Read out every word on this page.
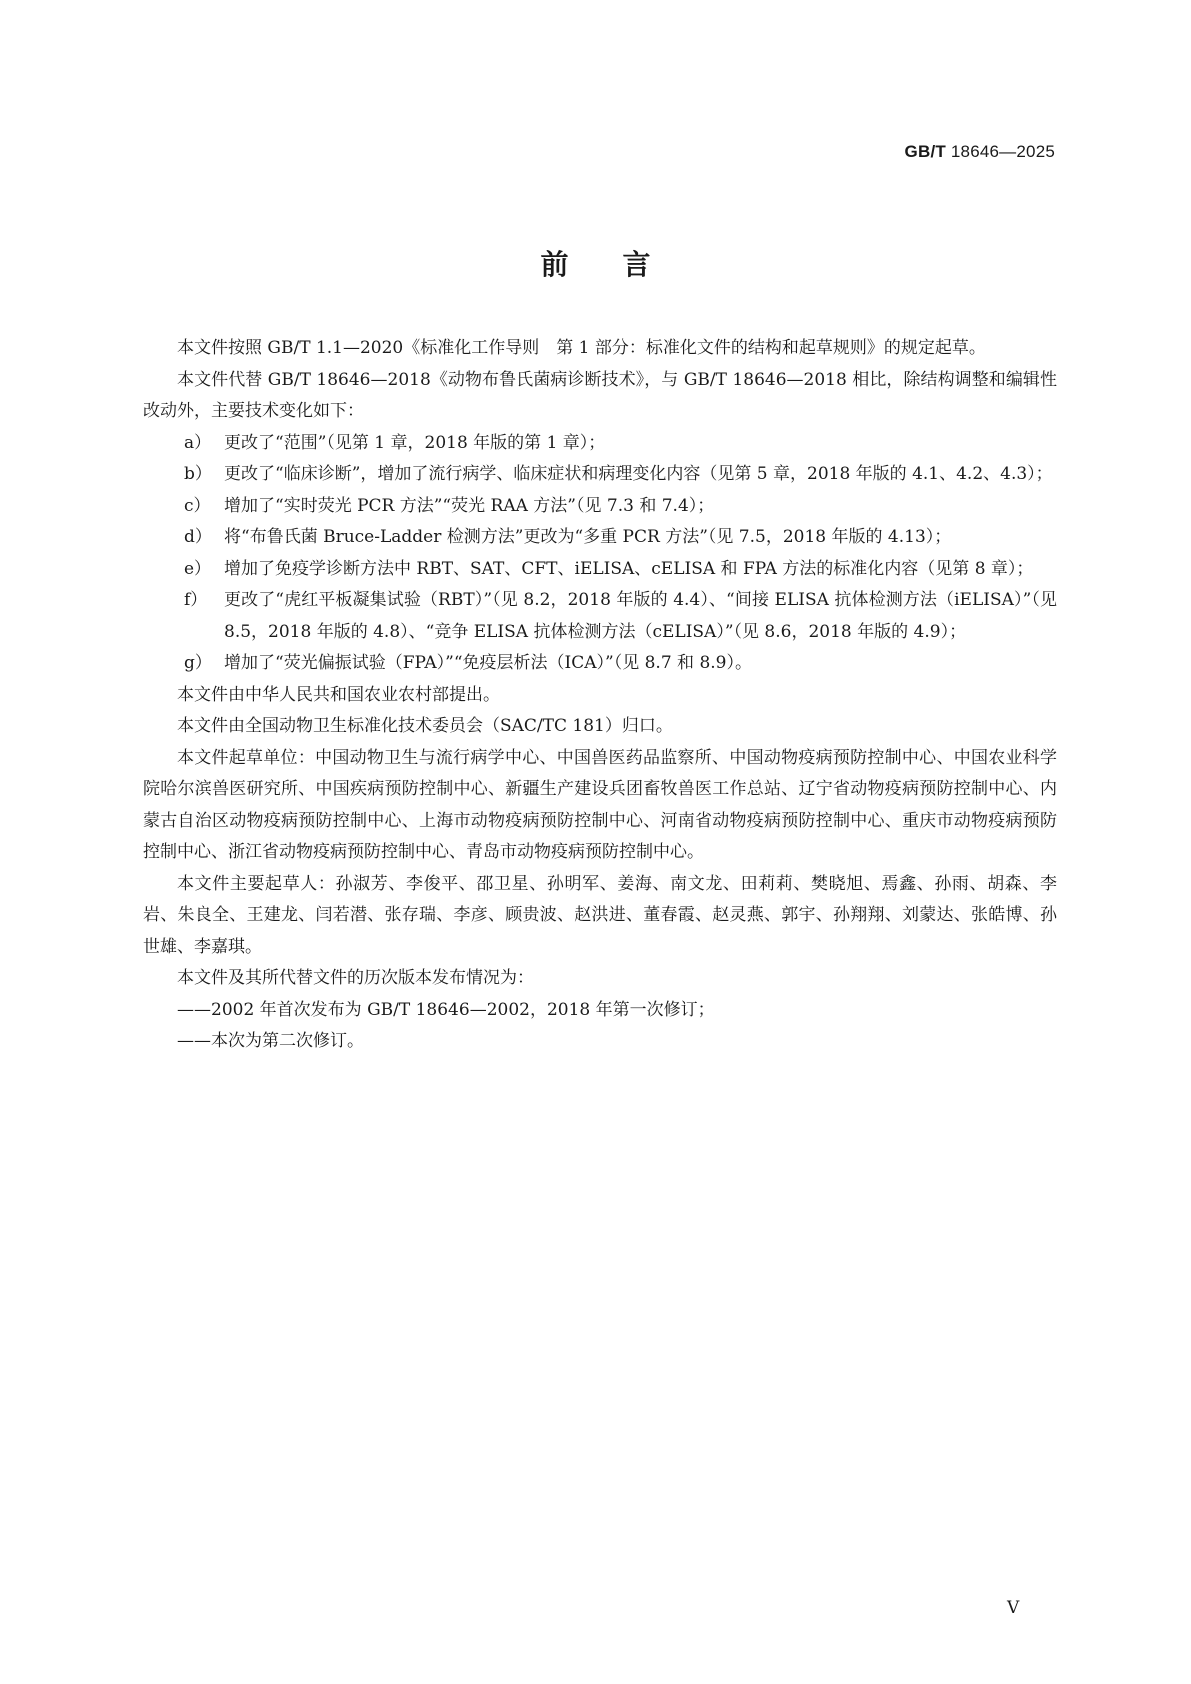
GB/T 18646—2025
前言

本文件按照 GB/T 1.1—2020《标准化工作导则　第 1 部分：标准化文件的结构和起草规则》的规定起草。

本文件代替 GB/T 18646—2018《动物布鲁氏菌病诊断技术》，与 GB/T 18646—2018 相比，除结构调整和编辑性改动外，主要技术变化如下：

a） 更改了“范围”（见第 1 章，2018 年版的第 1 章）；
b） 更改了“临床诊断”，增加了流行病学、临床症状和病理变化内容（见第 5 章，2018 年版的 4.1、4.2、4.3）；
c） 增加了“实时荧光 PCR 方法”“荧光 RAA 方法”（见 7.3 和 7.4）；
d） 将“布鲁氏菌 Bruce-Ladder 检测方法”更改为“多重 PCR 方法”（见 7.5，2018 年版的 4.13）；
e） 增加了免疫学诊断方法中 RBT、SAT、CFT、iELISA、cELISA 和 FPA 方法的标准化内容（见第 8 章）；
f） 更改了“虎红平板凝集试验（RBT）”（见 8.2，2018 年版的 4.4）、“间接 ELISA 抗体检测方法（iELISA）”（见 8.5，2018 年版的 4.8）、“竞争 ELISA 抗体检测方法（cELISA）”（见 8.6，2018 年版的 4.9）；
g） 增加了“荧光偏振试验（FPA）”“免疫层析法（ICA）”（见 8.7 和 8.9）。

本文件由中华人民共和国农业农村部提出。

本文件由全国动物卫生标准化技术委员会（SAC/TC 181）归口。

本文件起草单位：中国动物卫生与流行病学中心、中国兽医药品监察所、中国动物疫病预防控制中心、中国农业科学院哈尔滨兽医研究所、中国疾病预防控制中心、新疆生产建设兵团畜牧兽医工作总站、辽宁省动物疫病预防控制中心、内蒙古自治区动物疫病预防控制中心、上海市动物疫病预防控制中心、河南省动物疫病预防控制中心、重庆市动物疫病预防控制中心、浙江省动物疫病预防控制中心、青岛市动物疫病预防控制中心。

本文件主要起草人：孙淑芳、李俊平、邵卫星、孙明军、姜海、南文龙、田莉莉、樊晓旭、焉鑫、孙雨、胡森、李岩、朱良全、王建龙、闫若潜、张存瑞、李彦、顾贵波、赵洪进、董春霞、赵灵燕、郭宇、孙翔翔、刘蒙达、张皓博、孙世雄、李嘉琪。

本文件及其所代替文件的历次版本发布情况为：

——2002 年首次发布为 GB/T 18646—2002，2018 年第一次修订；

——本次为第二次修订。

Ⅴ
